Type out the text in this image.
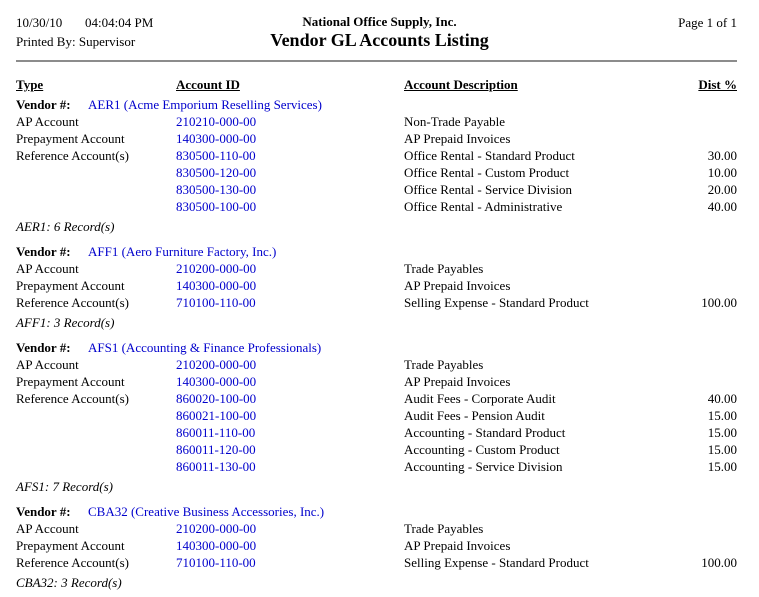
10/30/10 04:04:04 PM
Printed By: Supervisor
National Office Supply, Inc.
Vendor GL Accounts Listing
Page 1 of 1
Type	Account ID	Account Description	Dist %
Vendor #:	AER1 (Acme Emporium Reselling Services)
AP Account	210210-000-00	Non-Trade Payable
Prepayment Account	140300-000-00	AP Prepaid Invoices
Reference Account(s)	830500-110-00	Office Rental - Standard Product	30.00
830500-120-00	Office Rental - Custom Product	10.00
830500-130-00	Office Rental - Service Division	20.00
830500-100-00	Office Rental - Administrative	40.00
AER1: 6 Record(s)
Vendor #:	AFF1 (Aero Furniture Factory, Inc.)
AP Account	210200-000-00	Trade Payables
Prepayment Account	140300-000-00	AP Prepaid Invoices
Reference Account(s)	710100-110-00	Selling Expense - Standard Product	100.00
AFF1: 3 Record(s)
Vendor #:	AFS1 (Accounting & Finance Professionals)
AP Account	210200-000-00	Trade Payables
Prepayment Account	140300-000-00	AP Prepaid Invoices
Reference Account(s)	860020-100-00	Audit Fees - Corporate Audit	40.00
860021-100-00	Audit Fees - Pension Audit	15.00
860011-110-00	Accounting - Standard Product	15.00
860011-120-00	Accounting - Custom Product	15.00
860011-130-00	Accounting - Service Division	15.00
AFS1: 7 Record(s)
Vendor #:	CBA32 (Creative Business Accessories, Inc.)
AP Account	210200-000-00	Trade Payables
Prepayment Account	140300-000-00	AP Prepaid Invoices
Reference Account(s)	710100-110-00	Selling Expense - Standard Product	100.00
CBA32: 3 Record(s)
